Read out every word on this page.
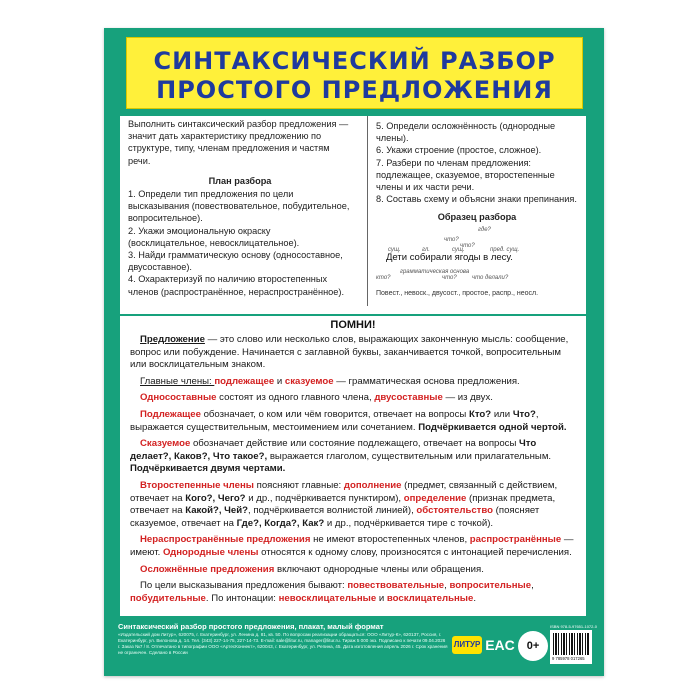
СИНТАКСИЧЕСКИЙ РАЗБОР
ПРОСТОГО ПРЕДЛОЖЕНИЯ

Выполнить синтаксический разбор предложения — значит дать характеристику предложению по структуре, типу, членам предложения и частям речи.

План разбора

1. Определи тип предложения по цели высказывания (повествовательное, побудительное, вопросительное).

2. Укажи эмоциональную окраску (восклицательное, невосклицательное).

3. Найди грамматическую основу (односоставное, двусоставное).

4. Охарактеризуй по наличию второстепенных членов (распространённое, нераспространённое).

5. Определи осложнённость (однородные члены).

6. Укажи строение (простое, сложное).

7. Разбери по членам предложения: подлежащее, сказуемое, второстепенные члены и их части речи.

8. Составь схему и объясни знаки препинания.

Образец разбора
где?
что?
что?
сущ.	гл.	сущ.	пред. сущ.
Дети собирали ягоды в лесу.
грамматическая основа
кто?	что?	что делали?
Повест., невоск., двусост., простое, распр., неосл.
ПОМНИ!

Предложение — это слово или несколько слов, выражающих законченную мысль: сообщение, вопрос или побуждение. Начинается с заглавной буквы, заканчивается точкой, вопросительным или восклицательным знаком.

Главные члены: подлежащее и сказуемое — грамматическая основа предложения.

Односоставные состоят из одного главного члена, двусоставные — из двух.

Подлежащее обозначает, о ком или чём говорится, отвечает на вопросы Кто? или Что?, выражается существительным, местоимением или сочетанием. Подчёркивается одной чертой.

Сказуемое обозначает действие или состояние подлежащего, отвечает на вопросы Что делает?, Каков?, Что такое?, выражается глаголом, существительным или прилагательным. Подчёркивается двумя чертами.

Второстепенные члены поясняют главные: дополнение (предмет, связанный с действием, отвечает на Кого?, Чего? и др., подчёркивается пунктиром), определение (признак предмета, отвечает на Какой?, Чей?, подчёркивается волнистой линией), обстоятельство (поясняет сказуемое, отвечает на Где?, Когда?, Как? и др., подчёркивается тире с точкой).

Нераспространённые предложения не имеют второстепенных членов, распространённые — имеют. Однородные члены относятся к одному слову, произносятся с интонацией перечисления.

Осложнённые предложения включают однородные члены или обращения.

По цели высказывания предложения бывают: повествовательные, вопросительные, побудительные. По интонации: невосклицательные и восклицательные.

Синтаксический разбор простого предложения, плакат, малый формат
«Издательский дом Литур», 620075, г. Екатеринбург, ул. Ленина д. 81, кв. 50. По вопросам реализации обращаться: ООО «Литур-К», 620137, Россия, г. Екатеринбург, ул. Вилонова д. 14. Тел. (343) 227-14-75, 227-14-73. E-mail: sale@litur.ru, manager@litur.ru. Тираж 5 000 экз. Подписано к печати 09.04.2026 г. Заказ №7 / 8. Отпечатано в типографии ООО «АртесКоннект», 620043, г. Екатеринбург, ул. Репина, 45. Дата изготовления апрель 2026 г. Срок хранения не ограничен. Сделано в России
ЛИТУР EAC	0+
ISBN 978-5-97651-1072-0
9 785978 017265
